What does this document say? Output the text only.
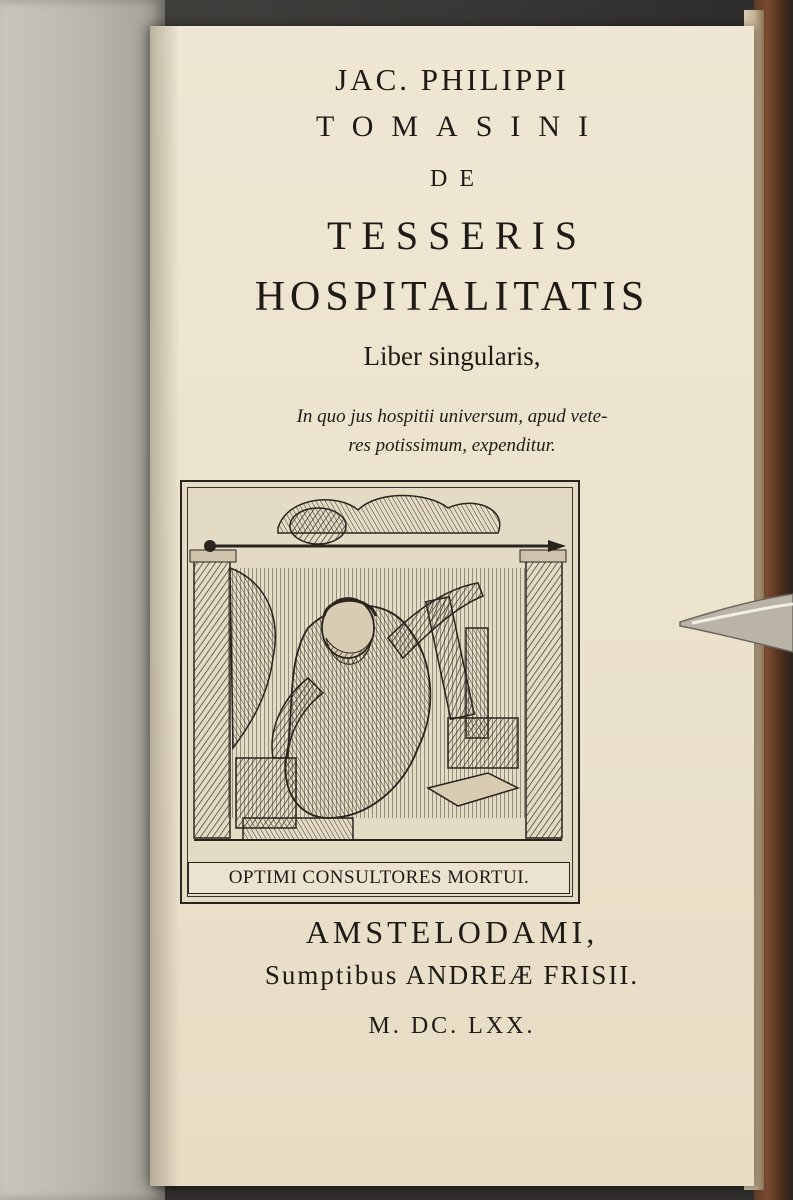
JAC. PHILIPPI

TOMASINI

DE

TESSERIS

HOSPITALITATIS

Liber singularis,

In quo jus hospitii universum, apud vete-

res potissimum, expenditur.

OPTIMI CONSULTORES MORTUI.

AMSTELODAMI,

Sumptibus ANDREÆ FRISII.

M. DC. LXX.
